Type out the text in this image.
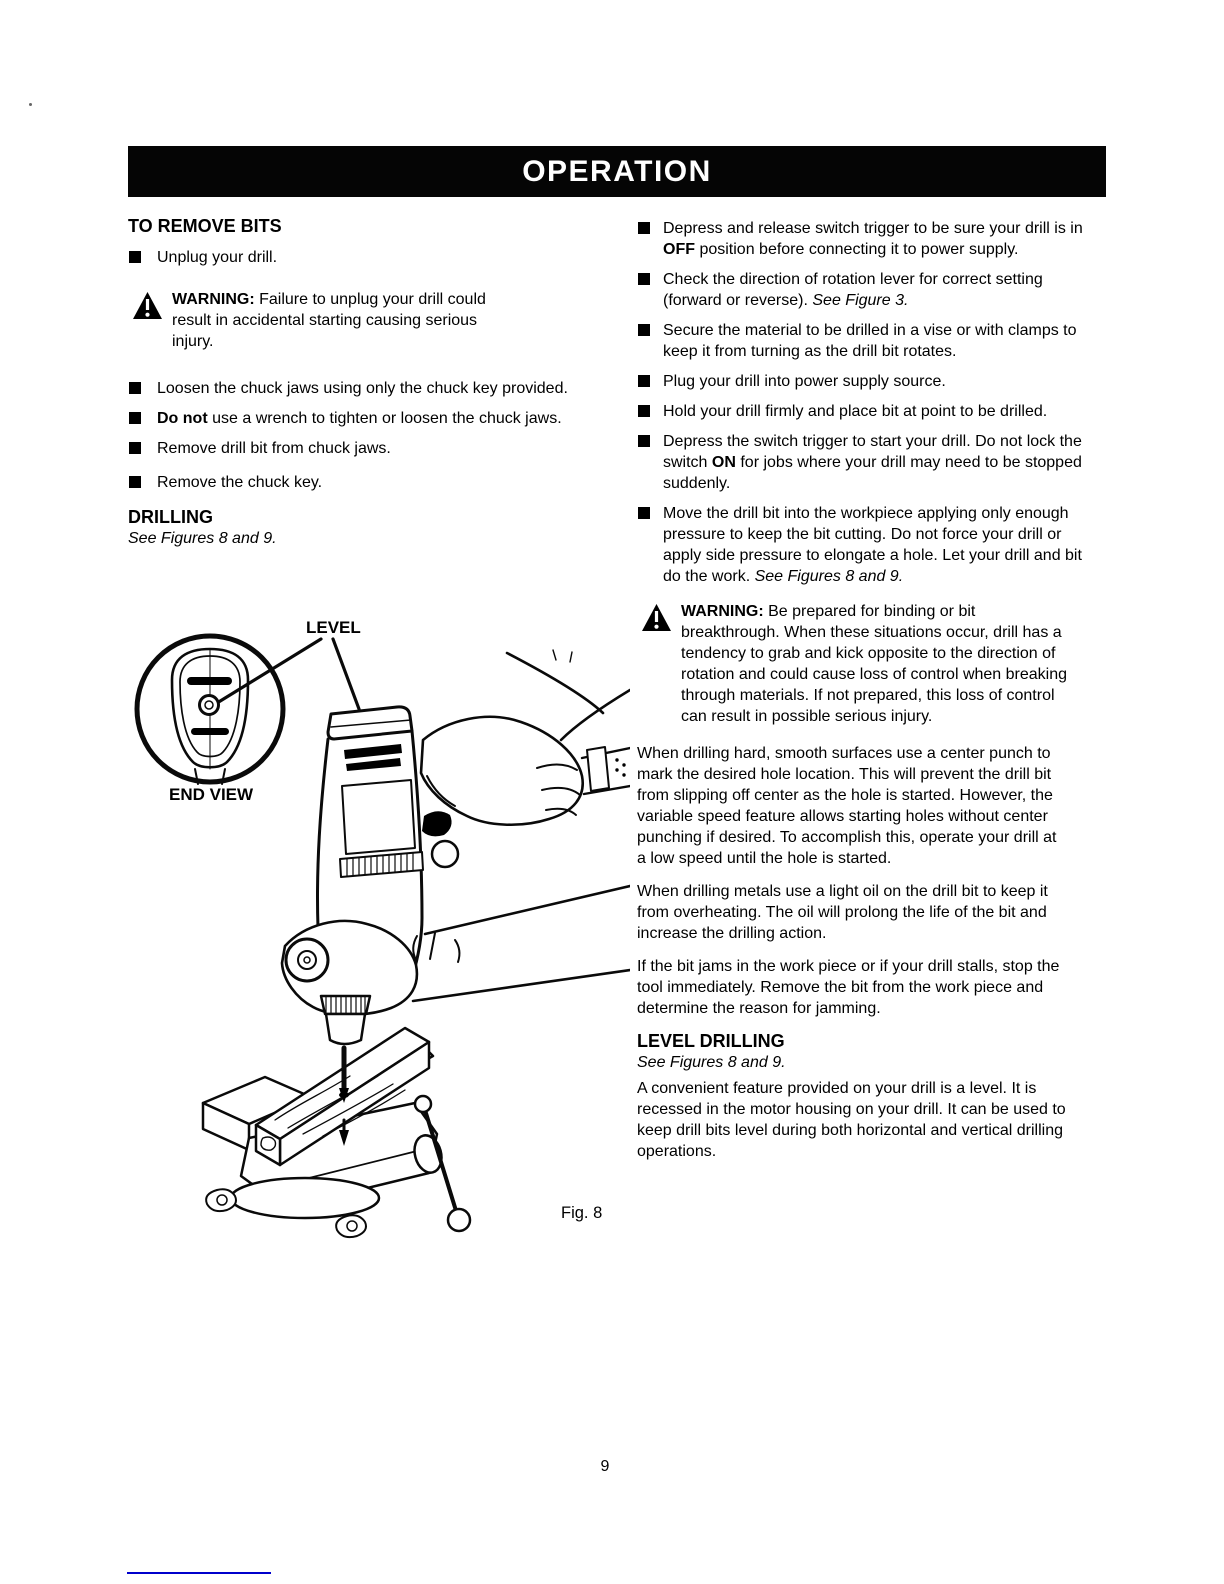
OPERATION
TO REMOVE BITS
Unplug your drill.
WARNING: Failure to unplug your drill could result in accidental starting causing serious injury.
Loosen the chuck jaws using only the chuck key provided.
Do not use a wrench to tighten or loosen the chuck jaws.
Remove drill bit from chuck jaws.
Remove the chuck key.
DRILLING
See Figures 8 and 9.
LEVEL
END VIEW
Fig. 8
Depress and release switch trigger to be sure your drill is in OFF position before connecting it to power supply.
Check the direction of rotation lever for correct setting (forward or reverse). See Figure 3.
Secure the material to be drilled in a vise or with clamps to keep it from turning as the drill bit rotates.
Plug your drill into power supply source.
Hold your drill firmly and place bit at point to be drilled.
Depress the switch trigger to start your drill. Do not lock the switch ON for jobs where your drill may need to be stopped suddenly.
Move the drill bit into the workpiece applying only enough pressure to keep the bit cutting. Do not force your drill or apply side pressure to elongate a hole. Let your drill and bit do the work. See Figures 8 and 9.
WARNING: Be prepared for binding or bit breakthrough. When these situations occur, drill has a tendency to grab and kick opposite to the direction of rotation and could cause loss of control when breaking through materials. If not prepared, this loss of control can result in possible serious injury.
When drilling hard, smooth surfaces use a center punch to mark the desired hole location. This will prevent the drill bit from slipping off center as the hole is started. However, the variable speed feature allows starting holes without center punching if desired. To accomplish this, operate your drill at a low speed until the hole is started.
When drilling metals use a light oil on the drill bit to keep it from overheating. The oil will prolong the life of the bit and increase the drilling action.
If the bit jams in the work piece or if your drill stalls, stop the tool immediately. Remove the bit from the work piece and determine the reason for jamming.
LEVEL DRILLING
See Figures 8 and 9.
A convenient feature provided on your drill is a level. It is recessed in the motor housing on your drill. It can be used to keep drill bits level during both horizontal and vertical drilling operations.
9
